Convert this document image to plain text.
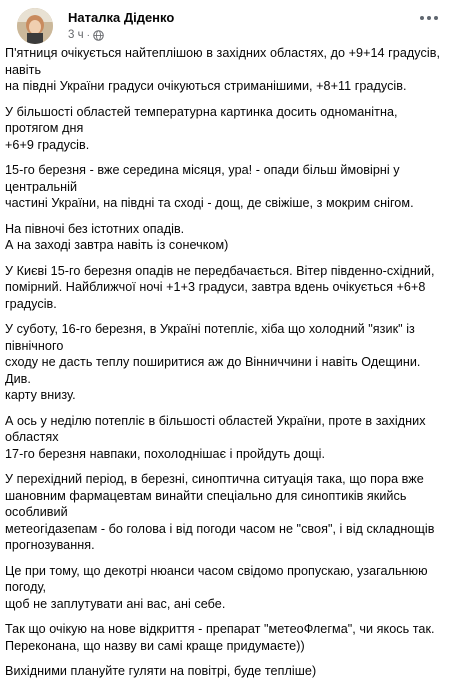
Наталка Діденко
3 ч ·

П'ятниця очікується найтеплішою в західних областях, до +9+14 градусів, навіть
на півдні України градуси очікуються стриманішими, +8+11 градусів.

У більшості областей температурна картинка досить одноманітна, протягом дня
+6+9 градусів.

15-го березня - вже середина місяця, ура! - опади більш ймовірні у центральній
частині України, на півдні та сході - дощ, де свіжіше, з мокрим снігом.

На півночі без істотних опадів.
А на заході завтра навіть із сонечком)

У Києві 15-го березня опадів не передбачається. Вітер південно-східний,
помірний. Найближчої ночі +1+3 градуси, завтра вдень очікується +6+8
градусів.

У суботу, 16-го березня, в Україні потепліє, хіба що холодний "язик" із північного
сходу не дасть теплу поширитися аж до Вінниччини і навіть Одещини. Див.
карту внизу.

А ось у неділю потепліє в більшості областей України, проте в західних областях
17-го березня навпаки, похолоднішає і пройдуть дощі.

У перехідний період, в березні, синоптична ситуація така, що пора вже
шановним фармацевтам винайти спеціально для синоптиків якийсь особливий
метеогідазепам - бо голова і від погоди часом не "своя", і від складнощів
прогнозування.

Це при тому, що декотрі нюанси часом свідомо пропускаю, узагальнюю погоду,
щоб не заплутувати ані вас, ані себе.

Так що очікую на нове відкриття - препарат "метеоФлегма", чи якось так.
Переконана, що назву ви самі краще придумаєте))

Вихідними плануйте гуляти на повітрі, буде тепліше)
